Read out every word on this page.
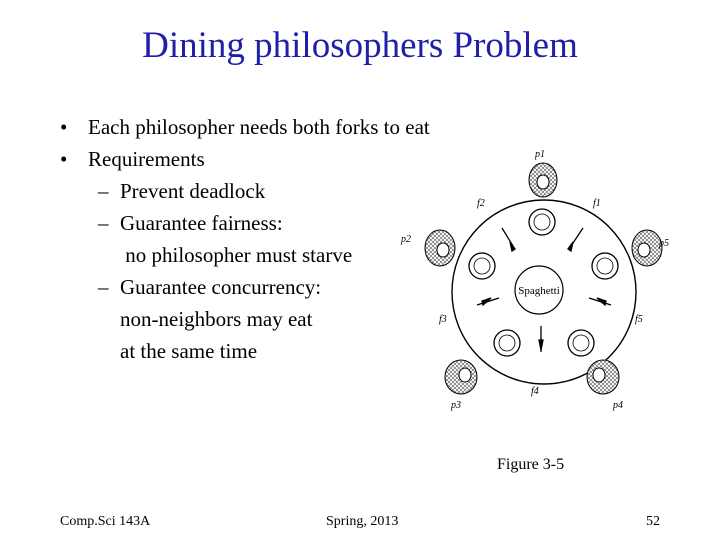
Dining philosophers Problem
• Each philosopher needs both forks to eat
• Requirements
– Prevent deadlock
– Guarantee fairness:
no philosopher must starve
– Guarantee concurrency:
non-neighbors may eat
at the same time
Spaghetti
p1
p2	p5
p3	p4
f2	f1
f3	f5
f4
Figure 3-5
Comp.Sci 143A	Spring, 2013	52
